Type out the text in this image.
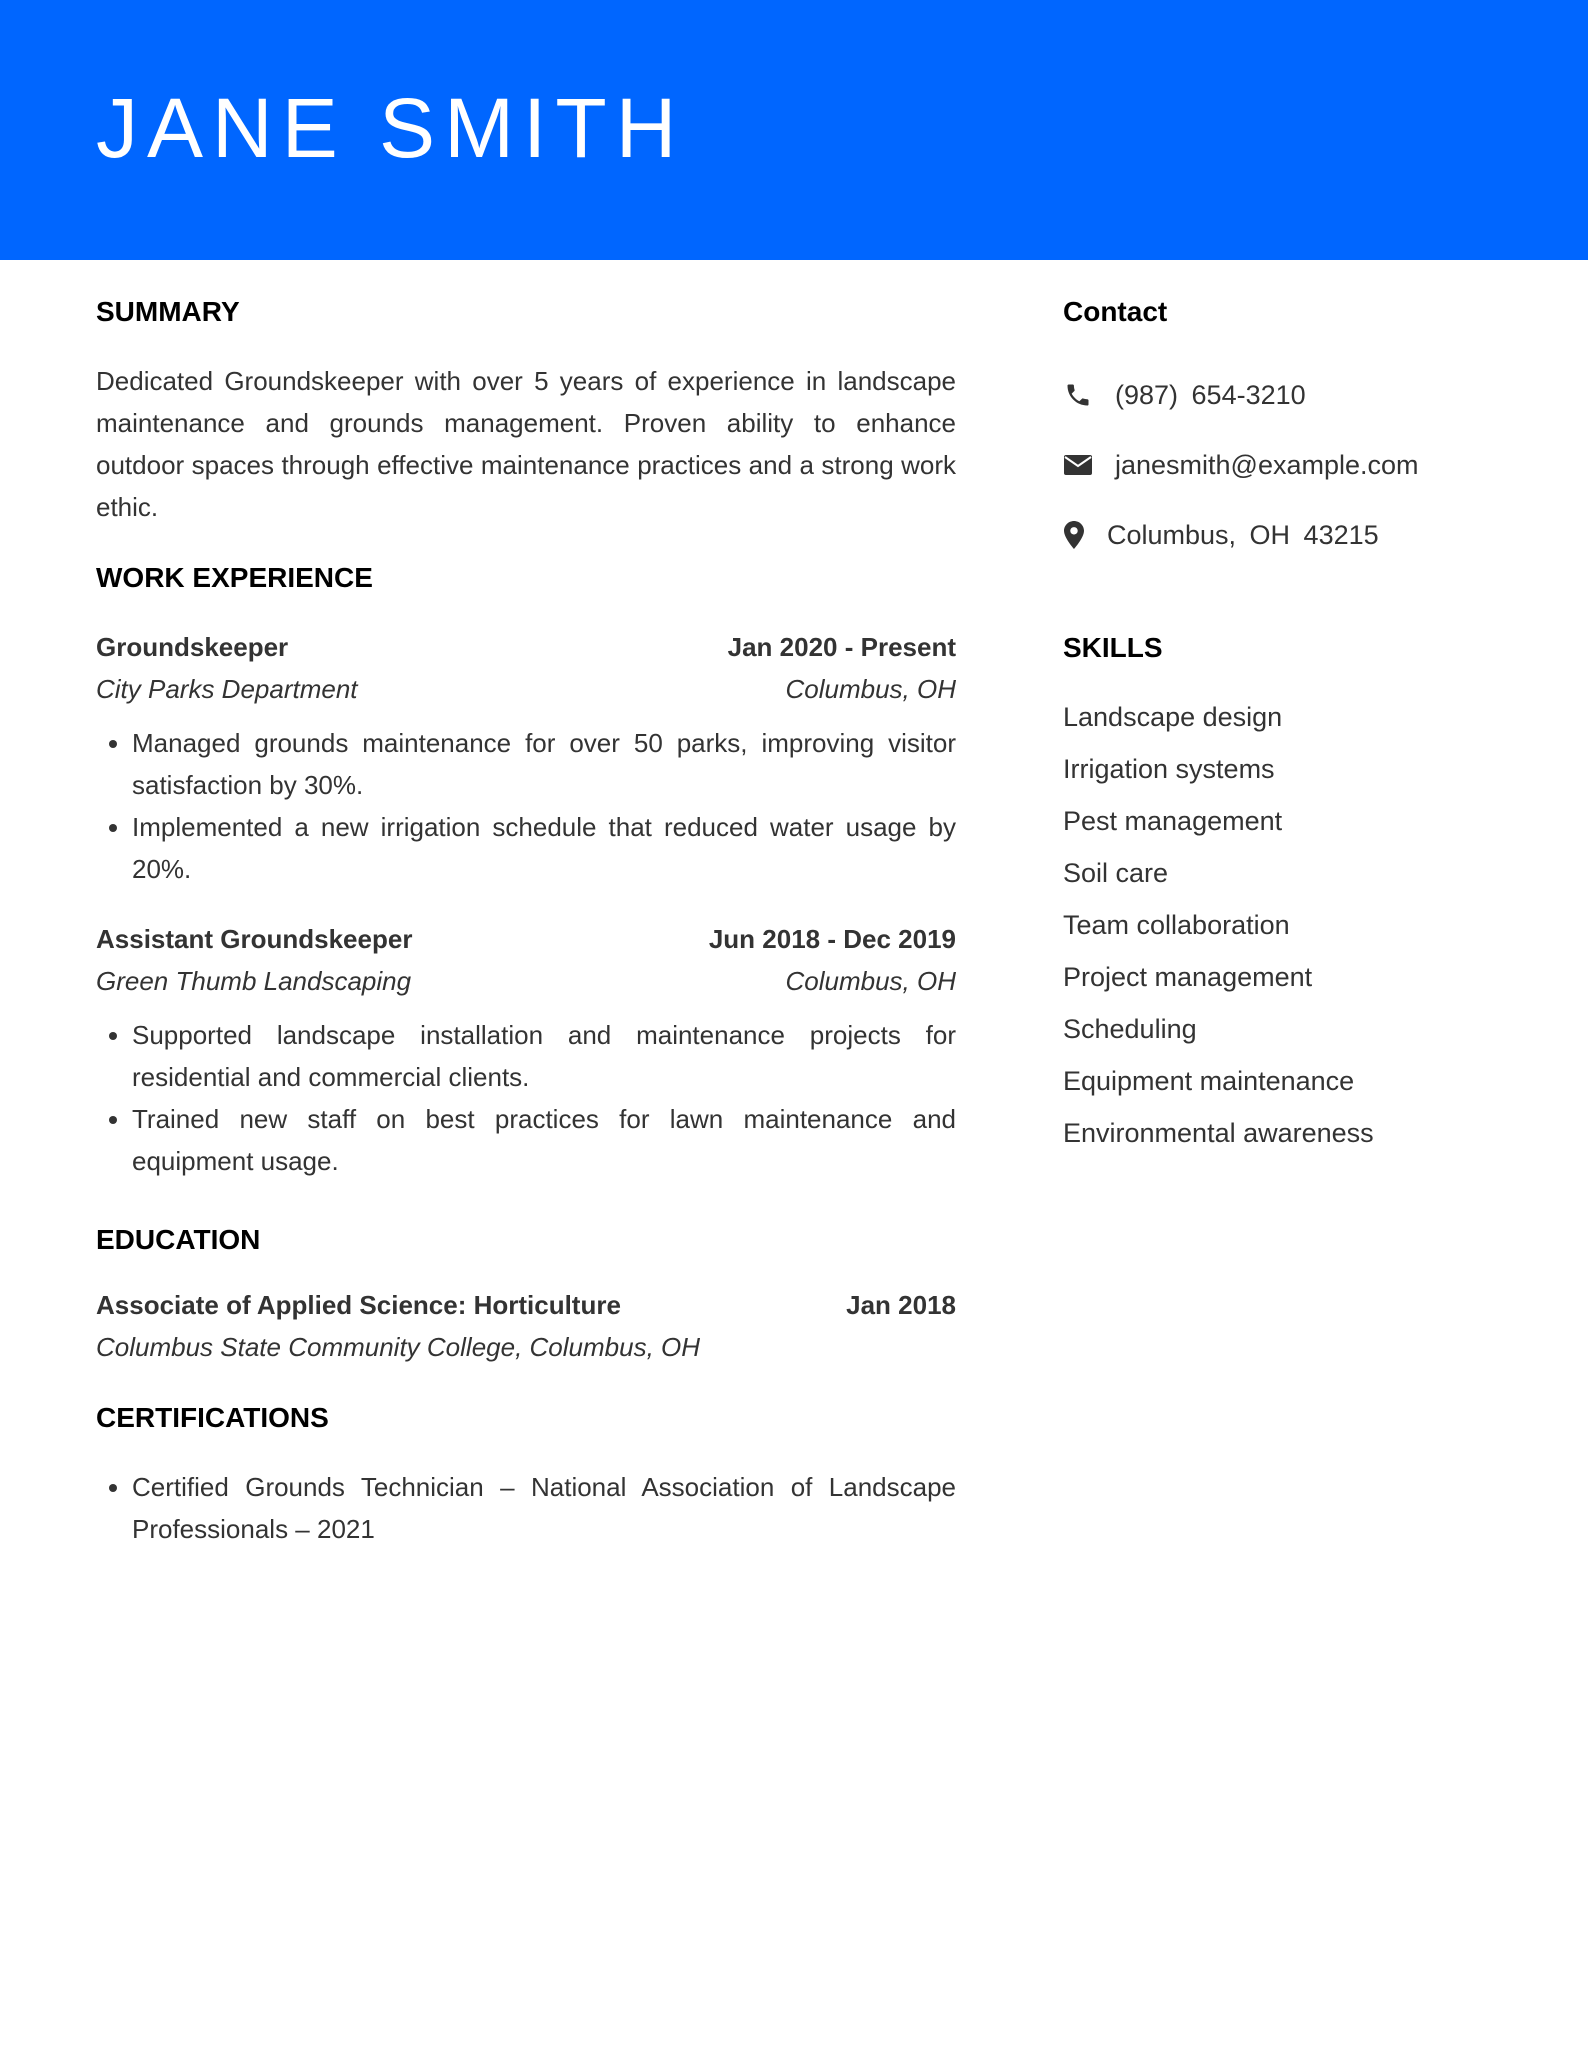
JANE SMITH
SUMMARY

Dedicated Groundskeeper with over 5 years of experience in landscape maintenance and grounds management. Proven ability to enhance outdoor spaces through effective maintenance practices and a strong work ethic.

WORK EXPERIENCE
Groundskeeper	Jan 2020 - Present
City Parks Department	Columbus, OH
• Managed grounds maintenance for over 50 parks, improving visitor satisfaction by 30%.
• Implemented a new irrigation schedule that reduced water usage by 20%.
Assistant Groundskeeper	Jun 2018 - Dec 2019
Green Thumb Landscaping	Columbus, OH
• Supported landscape installation and maintenance projects for residential and commercial clients.
• Trained new staff on best practices for lawn maintenance and equipment usage.
EDUCATION
Associate of Applied Science: Horticulture	Jan 2018
Columbus State Community College, Columbus, OH
CERTIFICATIONS
• Certified Grounds Technician – National Association of Landscape Professionals – 2021
Contact
(987) 654-3210
janesmith@example.com
Columbus, OH 43215
SKILLS
Landscape design
Irrigation systems
Pest management
Soil care
Team collaboration
Project management
Scheduling
Equipment maintenance
Environmental awareness
